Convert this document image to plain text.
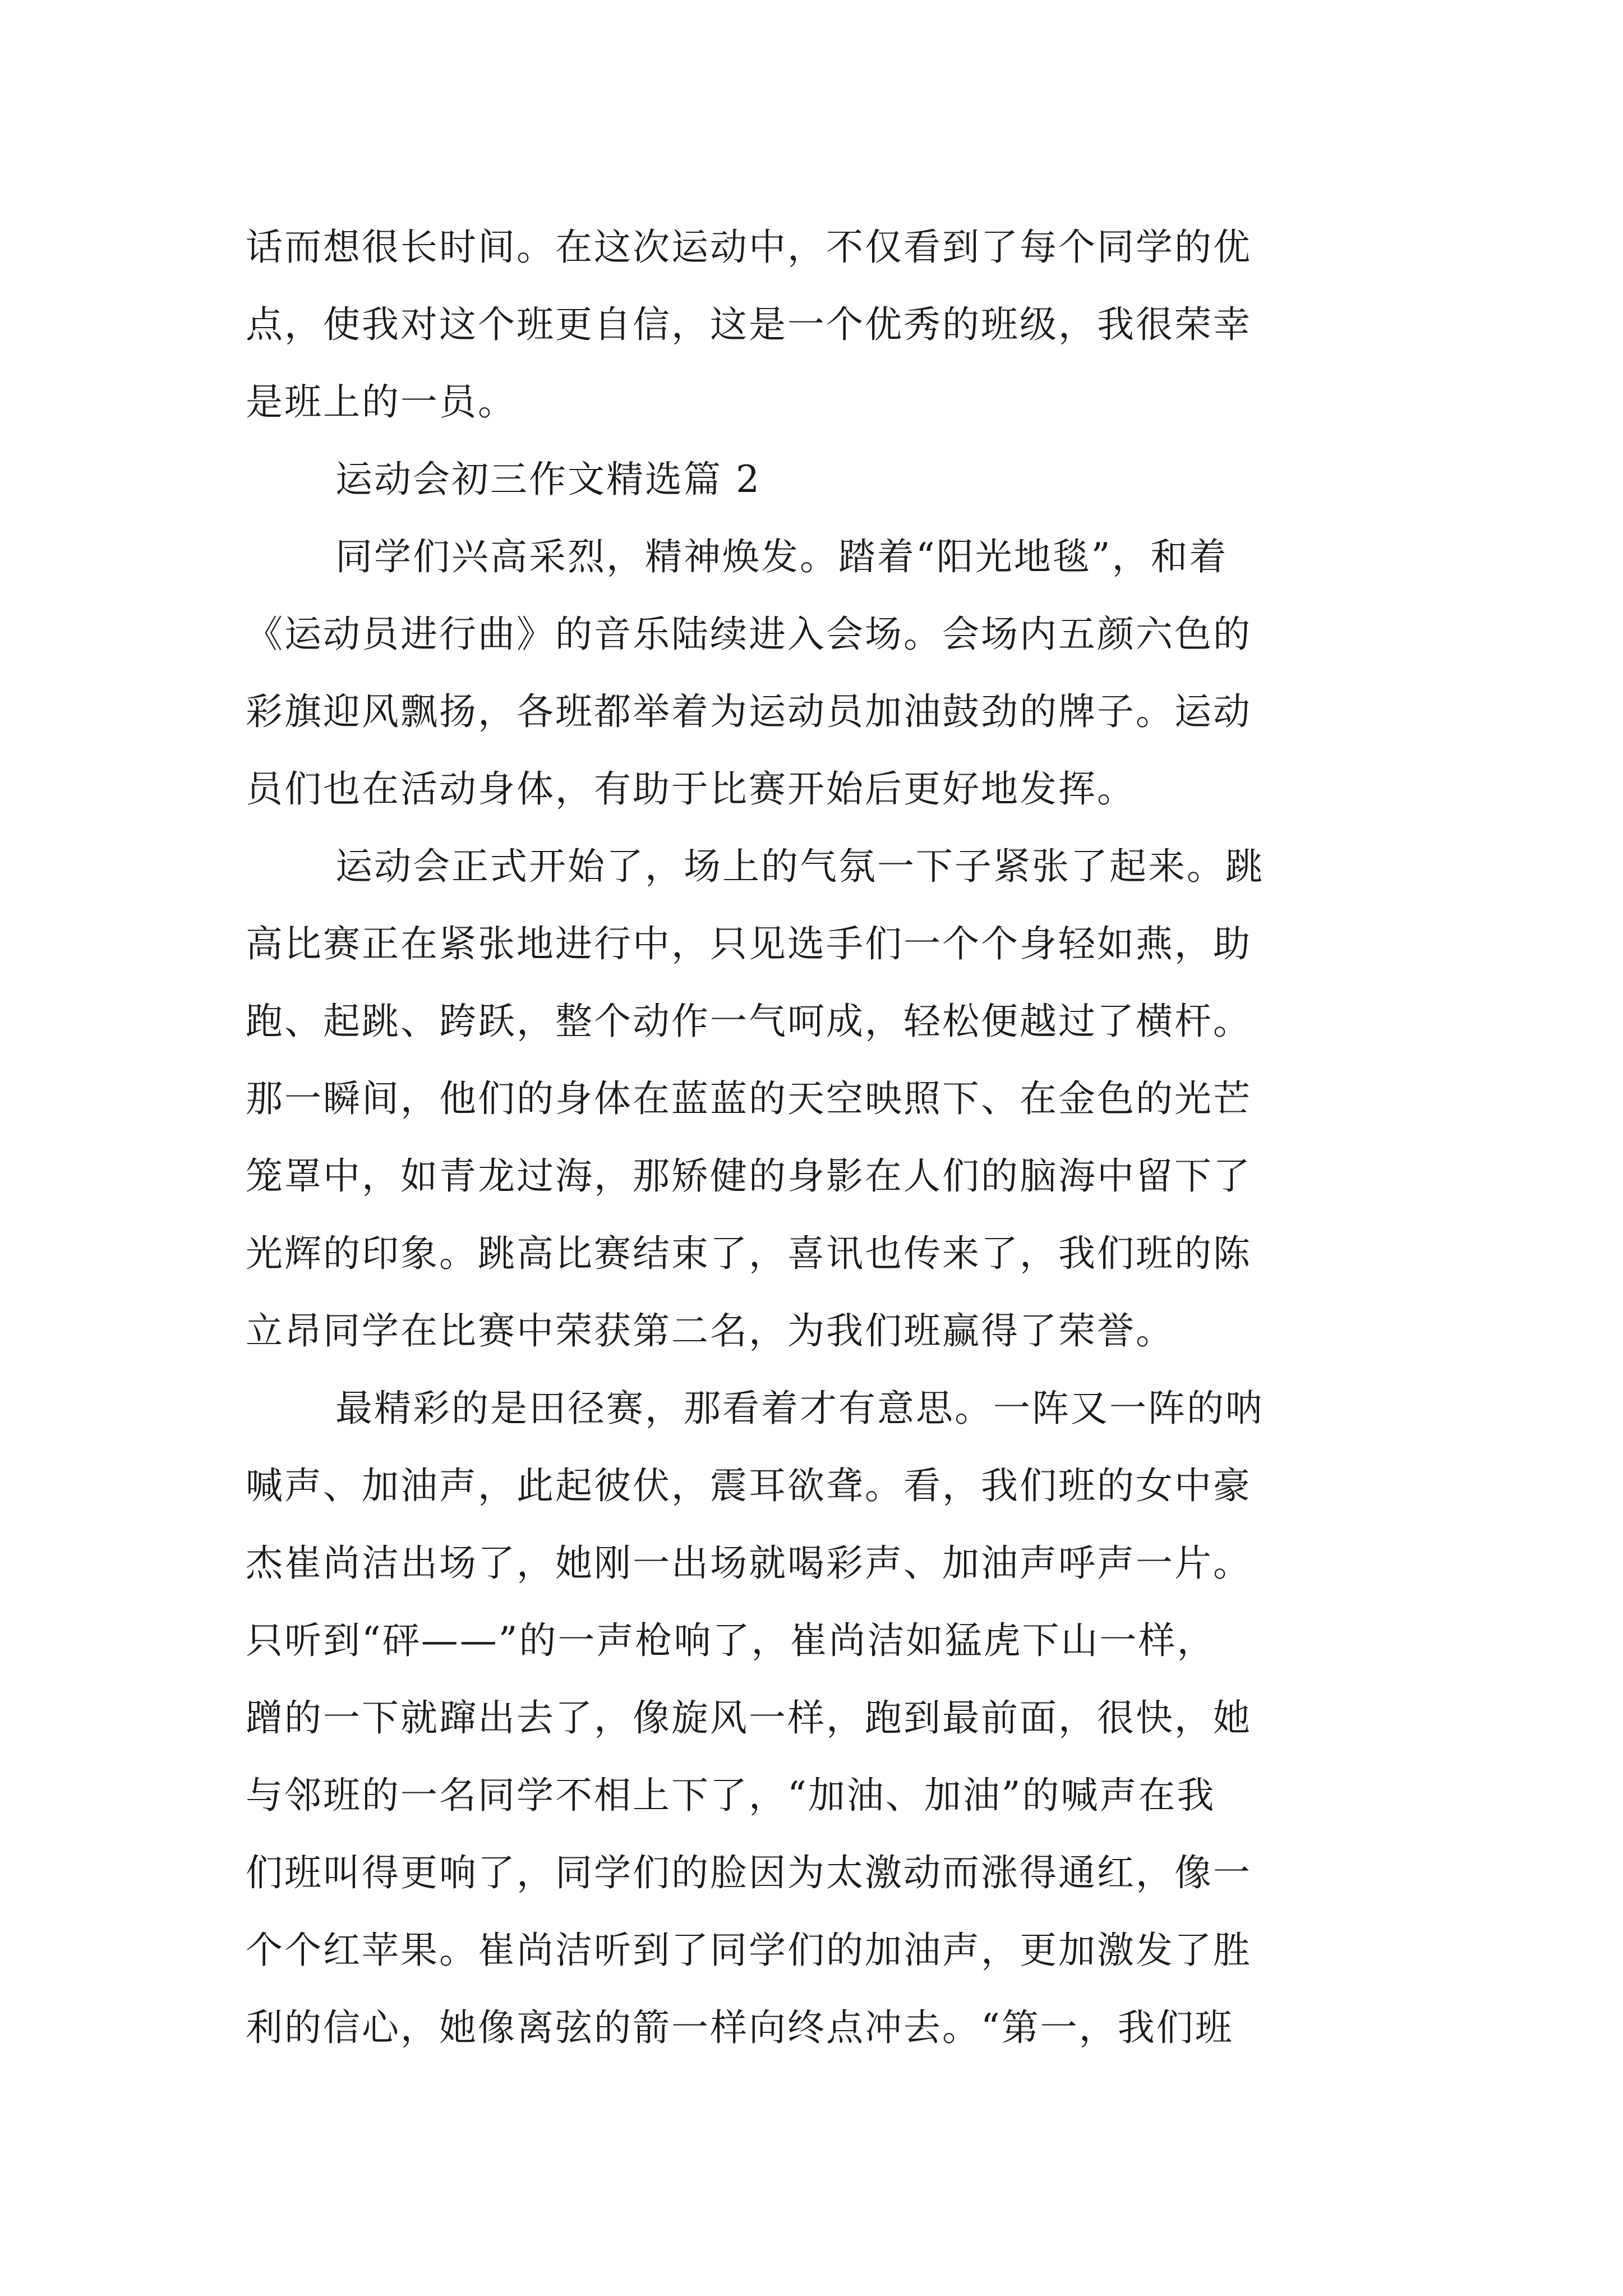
话而想很长时间。在这次运动中，不仅看到了每个同学的优
点，使我对这个班更自信，这是一个优秀的班级，我很荣幸
是班上的一员。
运动会初三作文精选篇 2
同学们兴高采烈，精神焕发。踏着“阳光地毯”，和着
《运动员进行曲》的音乐陆续进入会场。会场内五颜六色的
彩旗迎风飘扬，各班都举着为运动员加油鼓劲的牌子。运动
员们也在活动身体，有助于比赛开始后更好地发挥。
运动会正式开始了，场上的气氛一下子紧张了起来。跳
高比赛正在紧张地进行中，只见选手们一个个身轻如燕，助
跑、起跳、跨跃，整个动作一气呵成，轻松便越过了横杆。
那一瞬间，他们的身体在蓝蓝的天空映照下、在金色的光芒
笼罩中，如青龙过海，那矫健的身影在人们的脑海中留下了
光辉的印象。跳高比赛结束了，喜讯也传来了，我们班的陈
立昂同学在比赛中荣获第二名，为我们班赢得了荣誉。
最精彩的是田径赛，那看着才有意思。一阵又一阵的呐
喊声、加油声，此起彼伏，震耳欲聋。看，我们班的女中豪
杰崔尚洁出场了，她刚一出场就喝彩声、加油声呼声一片。
只听到“砰——”的一声枪响了，崔尚洁如猛虎下山一样，
蹭的一下就蹿出去了，像旋风一样，跑到最前面，很快，她
与邻班的一名同学不相上下了，“加油、加油”的喊声在我
们班叫得更响了，同学们的脸因为太激动而涨得通红，像一
个个红苹果。崔尚洁听到了同学们的加油声，更加激发了胜
利的信心，她像离弦的箭一样向终点冲去。“第一，我们班
